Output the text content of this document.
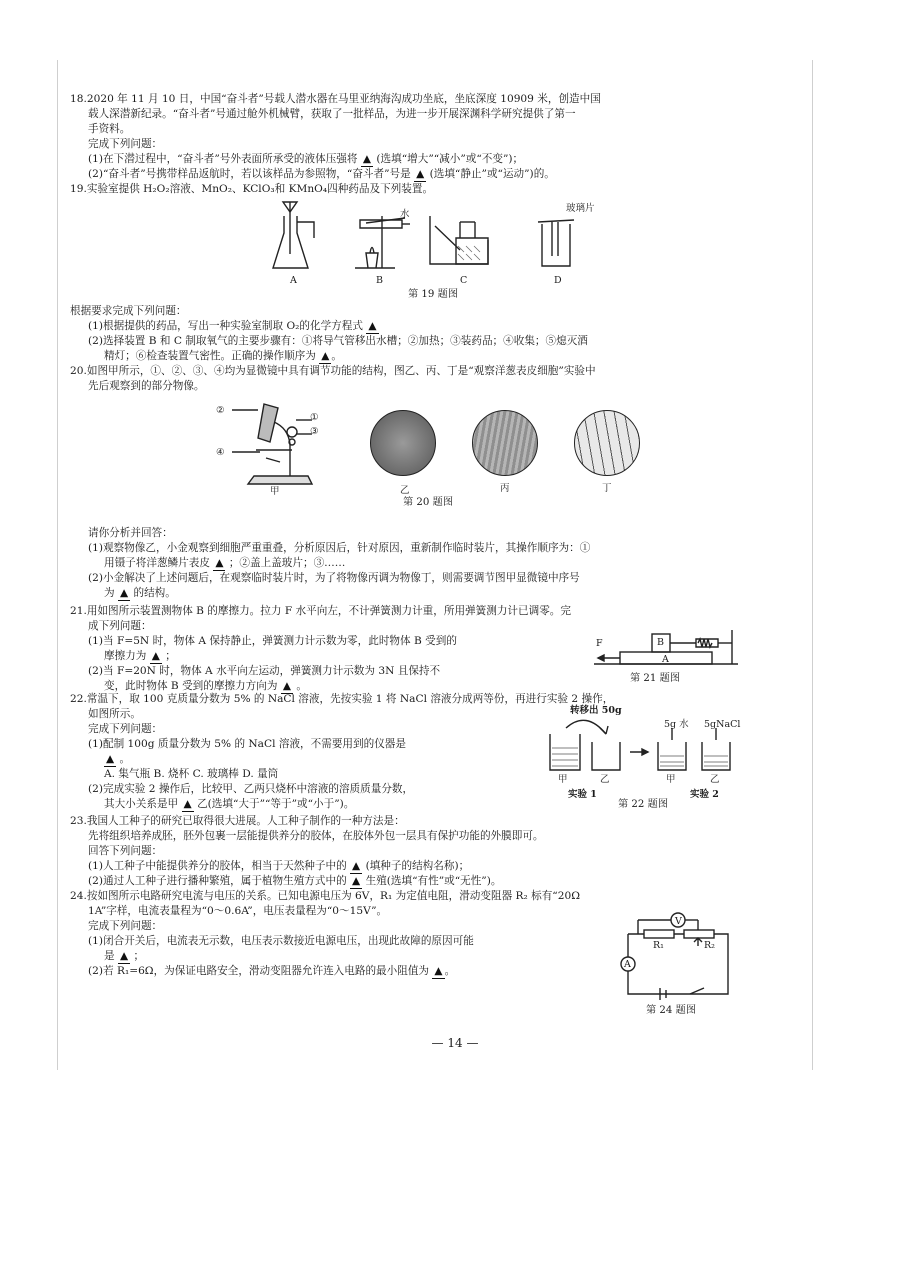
18.2020 年 11 月 10 日，中国“奋斗者”号载人潜水器在马里亚纳海沟成功坐底，坐底深度 10909 米，创造中国
载人深潜新纪录。“奋斗者”号通过舱外机械臂，获取了一批样品，为进一步开展深渊科学研究提供了第一
手资料。
完成下列问题：
(1)在下潜过程中，“奋斗者”号外表面所承受的液体压强将 ▲ (选填“增大”“减小”或“不变”)；
(2)“奋斗者”号携带样品返航时，若以该样品为参照物，“奋斗者”号是 ▲ (选填“静止”或“运动”)的。
19.实验室提供 H₂O₂溶液、MnO₂、KClO₃和 KMnO₄四种药品及下列装置。
水
玻璃片
A	B	C	D
第 19 题图
根据要求完成下列问题：
(1)根据提供的药品，写出一种实验室制取 O₂的化学方程式 ▲
(2)选择装置 B 和 C 制取氧气的主要步骤有：①将导气管移出水槽；②加热；③装药品；④收集；⑤熄灭酒
精灯；⑥检查装置气密性。正确的操作顺序为 ▲ 。
20.如图甲所示，①、②、③、④均为显微镜中具有调节功能的结构，图乙、丙、丁是“观察洋葱表皮细胞”实验中
先后观察到的部分物像。
①
②
③
④
甲	乙	丙	丁
第 20 题图
请你分析并回答：
(1)观察物像乙，小金观察到细胞严重重叠，分析原因后，针对原因，重新制作临时装片，其操作顺序为：①
用镊子将洋葱鳞片表皮 ▲ ；②盖上盖玻片；③……
(2)小金解决了上述问题后，在观察临时装片时，为了将物像丙调为物像丁，则需要调节图甲显微镜中序号
为 ▲ 的结构。
21.用如图所示装置测物体 B 的摩擦力。拉力 F 水平向左，不计弹簧测力计重，所用弹簧测力计已调零。完
成下列问题：
(1)当 F=5N 时，物体 A 保持静止，弹簧测力计示数为零，此时物体 B 受到的
摩擦力为 ▲ ；
(2)当 F=20N 时，物体 A 水平向左运动，弹簧测力计示数为 3N 且保持不
变，此时物体 B 受到的摩擦力方向为 ▲ 。
F	B
A
第 21 题图
22.常温下，取 100 克质量分数为 5% 的 NaCl 溶液，先按实验 1 将 NaCl 溶液分成两等份，再进行实验 2 操作，
如图所示。
完成下列问题：
(1)配制 100g 质量分数为 5% 的 NaCl 溶液，不需要用到的仪器是
▲ 。
A. 集气瓶 B. 烧杯 C. 玻璃棒 D. 量筒
(2)完成实验 2 操作后，比较甲、乙两只烧杯中溶液的溶质质量分数，
其大小关系是甲 ▲ 乙(选填“大于”“等于”或“小于”)。
转移出 50g
5g 水 5gNaCl
甲	乙	甲	乙
实验 1	实验 2
第 22 题图
23.我国人工种子的研究已取得很大进展。人工种子制作的一种方法是：
先将组织培养成胚，胚外包裹一层能提供养分的胶体，在胶体外包一层具有保护功能的外膜即可。
回答下列问题：
(1)人工种子中能提供养分的胶体，相当于天然种子中的 ▲ (填种子的结构名称)；
(2)通过人工种子进行播种繁殖，属于植物生殖方式中的 ▲ 生殖(选填“有性”或“无性”)。
24.按如图所示电路研究电流与电压的关系。已知电源电压为 6V，R₁ 为定值电阻，滑动变阻器 R₂ 标有“20Ω
1A”字样，电流表量程为“0～0.6A”，电压表量程为“0～15V”。
完成下列问题：
(1)闭合开关后，电流表无示数，电压表示数接近电源电压，出现此故障的原因可能
是 ▲ ；
(2)若 R₁=6Ω，为保证电路安全，滑动变阻器允许连入电路的最小阻值为 ▲ 。
V
A
R₁	R₂
第 24 题图
— 14 —
